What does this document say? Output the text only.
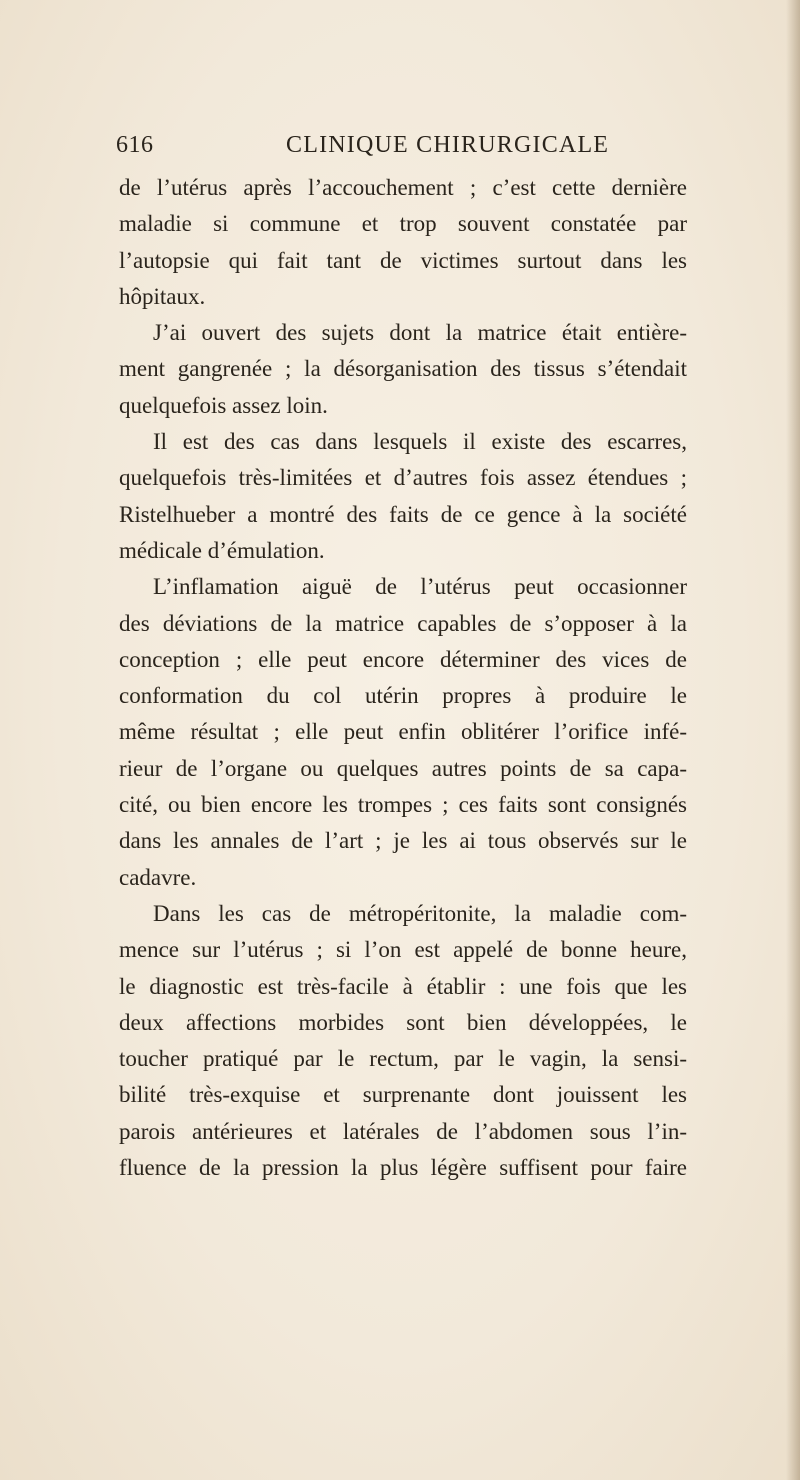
616	CLINIQUE CHIRURGICALE
de l’utérus après l’accouchement ; c’est cette dernière
maladie si commune et trop souvent constatée par
l’autopsie qui fait tant de victimes surtout dans les
hôpitaux.
J’ai ouvert des sujets dont la matrice était entière-
ment gangrenée ; la désorganisation des tissus s’étendait
quelquefois assez loin.
Il est des cas dans lesquels il existe des escarres,
quelquefois très-limitées et d’autres fois assez étendues ;
Ristelhueber a montré des faits de ce gence à la société
médicale d’émulation.
L’inflamation aiguë de l’utérus peut occasionner
des déviations de la matrice capables de s’opposer à la
conception ; elle peut encore déterminer des vices de
conformation du col utérin propres à produire le
même résultat ; elle peut enfin oblitérer l’orifice infé-
rieur de l’organe ou quelques autres points de sa capa-
cité, ou bien encore les trompes ; ces faits sont consignés
dans les annales de l’art ; je les ai tous observés sur le
cadavre.
Dans les cas de métropéritonite, la maladie com-
mence sur l’utérus ; si l’on est appelé de bonne heure,
le diagnostic est très-facile à établir : une fois que les
deux affections morbides sont bien développées, le
toucher pratiqué par le rectum, par le vagin, la sensi-
bilité très-exquise et surprenante dont jouissent les
parois antérieures et latérales de l’abdomen sous l’in-
fluence de la pression la plus légère suffisent pour faire
